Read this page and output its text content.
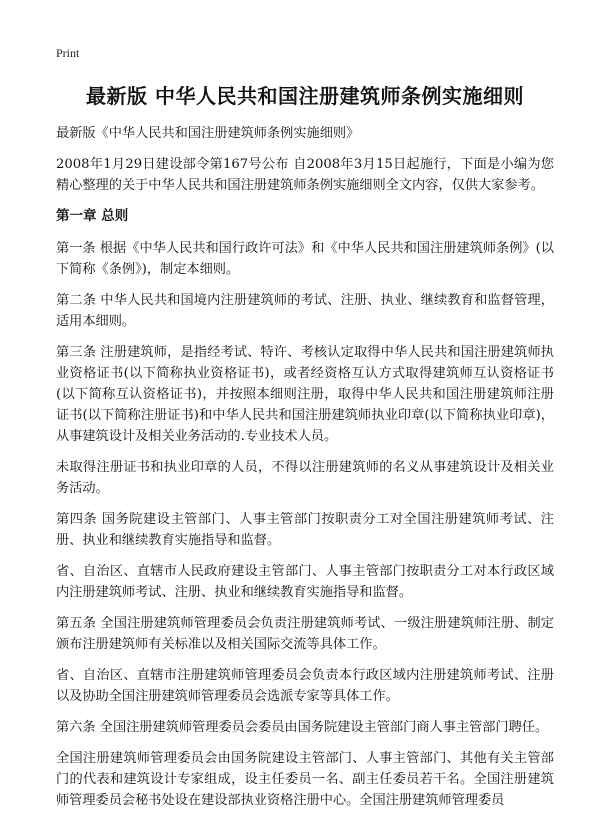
Print
最新版 中华人民共和国注册建筑师条例实施细则

最新版《中华人民共和国注册建筑师条例实施细则》

2008年1月29日建设部令第167号公布 自2008年3月15日起施行，下面是小编为您精心整理的关于中华人民共和国注册建筑师条例实施细则全文内容，仅供大家参考。

第一章 总则

第一条 根据《中华人民共和国行政许可法》和《中华人民共和国注册建筑师条例》(以下简称《条例》)，制定本细则。

第二条 中华人民共和国境内注册建筑师的考试、注册、执业、继续教育和监督管理，适用本细则。

第三条 注册建筑师，是指经考试、特许、考核认定取得中华人民共和国注册建筑师执业资格证书(以下简称执业资格证书)，或者经资格互认方式取得建筑师互认资格证书(以下简称互认资格证书)，并按照本细则注册，取得中华人民共和国注册建筑师注册证书(以下简称注册证书)和中华人民共和国注册建筑师执业印章(以下简称执业印章)，从事建筑设计及相关业务活动的.专业技术人员。

未取得注册证书和执业印章的人员，不得以注册建筑师的名义从事建筑设计及相关业务活动。

第四条 国务院建设主管部门、人事主管部门按职责分工对全国注册建筑师考试、注册、执业和继续教育实施指导和监督。

省、自治区、直辖市人民政府建设主管部门、人事主管部门按职责分工对本行政区域内注册建筑师考试、注册、执业和继续教育实施指导和监督。

第五条 全国注册建筑师管理委员会负责注册建筑师考试、一级注册建筑师注册、制定颁布注册建筑师有关标准以及相关国际交流等具体工作。

省、自治区、直辖市注册建筑师管理委员会负责本行政区域内注册建筑师考试、注册以及协助全国注册建筑师管理委员会选派专家等具体工作。

第六条 全国注册建筑师管理委员会委员由国务院建设主管部门商人事主管部门聘任。

全国注册建筑师管理委员会由国务院建设主管部门、人事主管部门、其他有关主管部门的代表和建筑设计专家组成，设主任委员一名、副主任委员若干名。全国注册建筑师管理委员会秘书处设在建设部执业资格注册中心。全国注册建筑师管理委员
